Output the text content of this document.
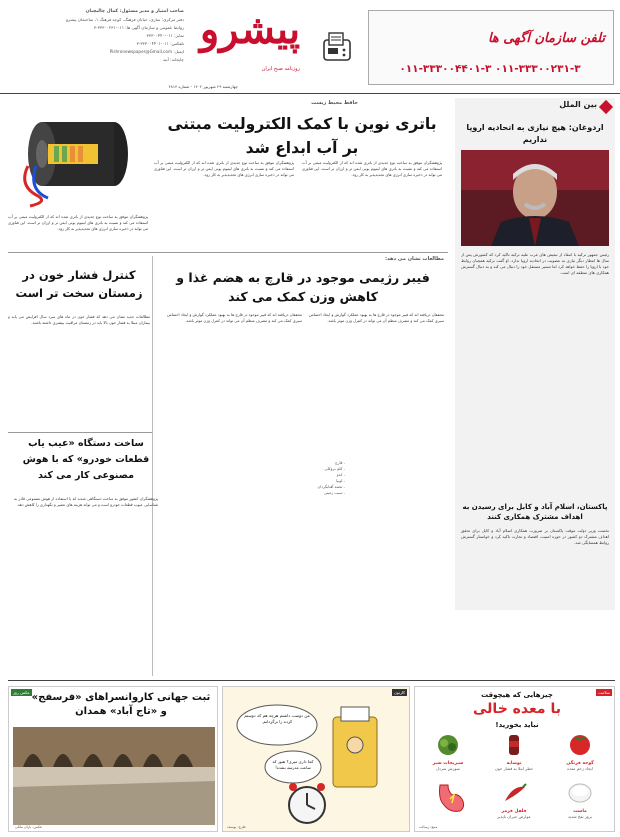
تلفن سازمان آگهی ها
۰۱۱-۳۳۳۰۰۲۳۱-۳ ۰۱۱-۳۳۳۰۰۴۴۰۱-۳
پیشرو
روزنامه صبح ایران
صاحب امتیاز و مدیر مسئول: کمال چالیچیان
دفتر مرکزی: ساری، خیابان فرهنگ، کوچه فرهنگ ۱، ساختمان پیشرو
روابط عمومی و سازمان آگهی ها: ۰۱۱-۳۳۳۰۰۲۳۱-۳
نمابر: ۰۱۱-۳۳۳۰۰۴۴۰
تلفکس: ۰۱۱-۳۳۳۰۰۴۴۰۱-۳
ایمیل: Pishronewspaper@Gmail.com
چاپخانه: آتیه
چهارشنبه ۲۹ شهریور ۱۴۰۲ - شماره ۴۸۱۴
بین الملل
اردوغان: هیچ نیازی به اتحادیه اروپا نداریم
رئیس جمهور ترکیه با انتقاد از تبعیض های غرب علیه ترکیه تاکید کرد که کشورش پس از سال ها انتظار دیگر نیازی به عضویت در اتحادیه اروپا ندارد. او گفت ترکیه همچنان روابط خود با اروپا را حفظ خواهد کرد اما مسیر مستقل خود را دنبال می کند و به دنبال گسترش همکاری های منطقه ای است.
پاکستان، اسلام آباد و کابل برای رسیدن به اهداف مشترک همکاری کنند
نخست وزیر دولت موقت پاکستان بر ضرورت همکاری اسلام آباد و کابل برای تحقق اهداف مشترک دو کشور در حوزه امنیت، اقتصاد و تجارت تاکید کرد و خواستار گسترش روابط همسایگی شد.
حافظ محیط زیست
باتری نوین با کمک الکترولیت مبتنی بر آب ابداع شد
پژوهشگران موفق به ساخت نوع جدیدی از باتری شده اند که از الکترولیت مبتنی بر آب استفاده می کند و نسبت به باتری های لیتیوم یونی ایمن تر و ارزان تر است. این فناوری می تواند در ذخیره سازی انرژی های تجدیدپذیر به کار رود.
پژوهشگران موفق به ساخت نوع جدیدی از باتری شده اند که از الکترولیت مبتنی بر آب استفاده می کند و نسبت به باتری های لیتیوم یونی ایمن تر و ارزان تر است. این فناوری می تواند در ذخیره سازی انرژی های تجدیدپذیر به کار رود.
پژوهشگران موفق به ساخت نوع جدیدی از باتری شده اند که از الکترولیت مبتنی بر آب استفاده می کند و نسبت به باتری های لیتیوم یونی ایمن تر و ارزان تر است. این فناوری می تواند در ذخیره سازی انرژی های تجدیدپذیر به کار رود.
مطالعات نشان می دهد:
فیبر رژیمی موجود در قارچ به هضم غذا و کاهش وزن کمک می کند
محققان دریافته اند که فیبر موجود در قارچ ها به بهبود عملکرد گوارش و ایجاد احساس سیری کمک می کند و مصرف منظم آن می تواند در کنترل وزن موثر باشد.
محققان دریافته اند که فیبر موجود در قارچ ها به بهبود عملکرد گوارش و ایجاد احساس سیری کمک می کند و مصرف منظم آن می تواند در کنترل وزن موثر باشد.
کنترل فشار خون در زمستان سخت تر است
مطالعات جدید نشان می دهد که فشار خون در ماه های سرد سال افزایش می یابد و بیماران مبتلا به فشار خون بالا باید در زمستان مراقبت بیشتری داشته باشند.
- قارچ
- کلم بروکلی
- کدو
- لوبیا
- تخمه آفتابگردان
- سیب زمینی
ساخت دستگاه «عیب یاب قطعات خودرو» که با هوش مصنوعی کار می کند
پژوهشگران کشور موفق به ساخت دستگاهی شدند که با استفاده از هوش مصنوعی قادر به شناسایی عیوب قطعات خودرو است و می تواند هزینه های تعمیر و نگهداری را کاهش دهد.
سلامت
چیزهایی که هیچوقت
با معده خالی
نباید بخورید!
گوجه فرنگی
ایجاد زخم معده
نوشابه
خطر ابتلا به فشار خون
سبزیجات سبز
سوزش سردل
ماست
بروز نفخ شدید
فلفل قرمز
عوارض جبران ناپذیر
منبع: رسالت
کارتون
من دوست داشتم هرچه هم که دوستم کرده را برگردانم.
کجا داری میری؟ هنوز که ساعت مدرسه نشده!
طرح: یوسف
عکس روز ثبت جهانی کاروانسراهای «فرسفج» و «تاج آباد» همدان
عکس: باران ملکی
